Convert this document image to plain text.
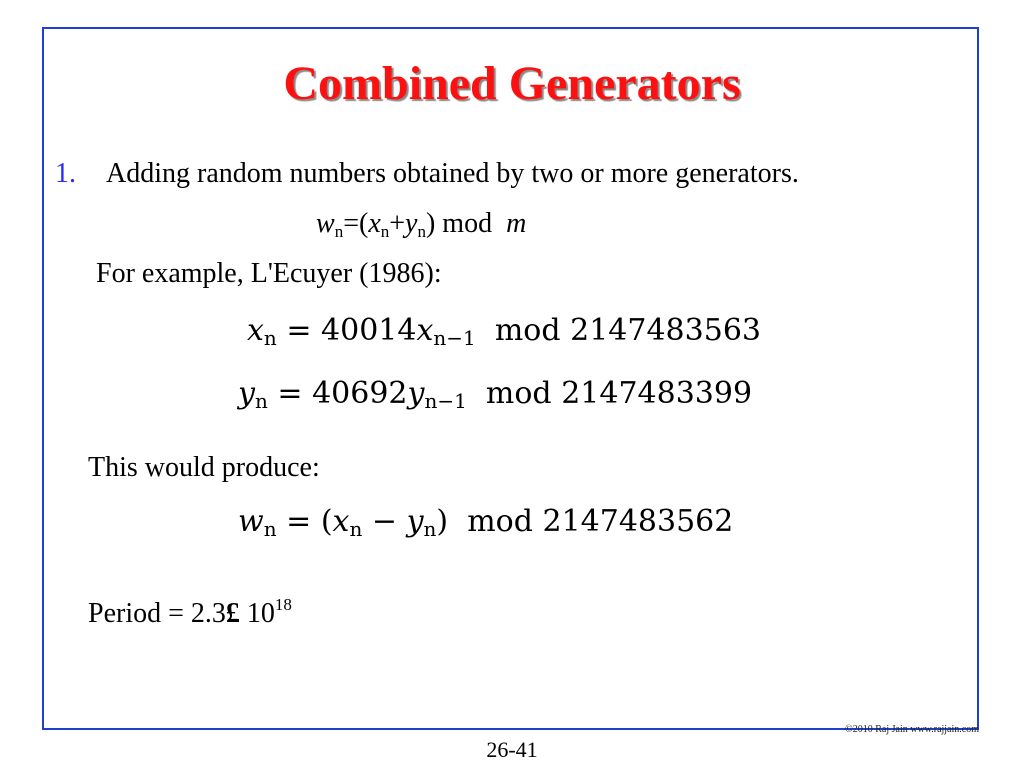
Combined Generators
1. Adding random numbers obtained by two or more generators.
wn=(xn+yn) mod m
For example, L'Ecuyer (1986):
$x_n = 40014x_{n-1}$ mod 2147483563
$y_n = 40692y_{n-1}$ mod 2147483399
This would produce:
$w_n = (x_n - y_n)$ mod 2147483562
Period = 2.3£ $10^{18}$
©2010 Raj Jain www.rajjain.com
26-41
